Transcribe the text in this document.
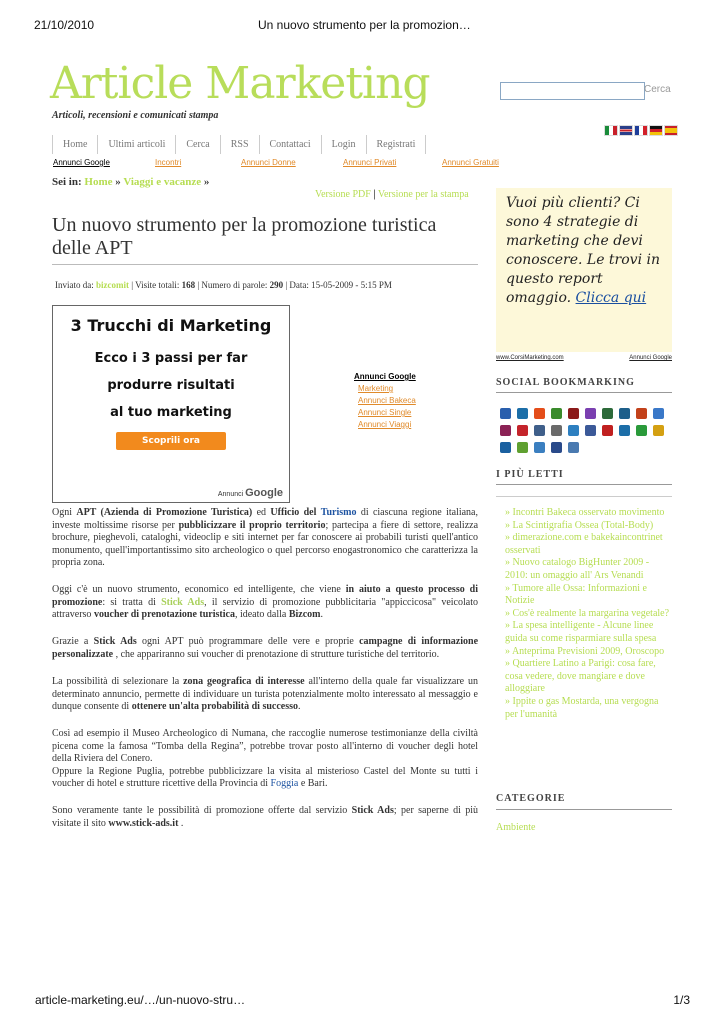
21/10/2010	Un nuovo strumento per la promozion…
Article Marketing
Articoli, recensioni e comunicati stampa
Cerca
Home	Ultimi articoli	Cerca	RSS	Contattaci	Login	Registrati
Annunci Google	Incontri	Annunci Donne	Annunci Privati	Annunci Gratuiti
Sei in: Home » Viaggi e vacanze »
Versione PDF | Versione per la stampa
Un nuovo strumento per la promozione turistica delle APT
Inviato da: bizcomit | Visite totali: 168 | Numero di parole: 290 | Data: 15-05-2009 - 5:15 PM
3 Trucchi di Marketing
Ecco i 3 passi per far
produrre risultati
al tuo marketing
Scoprili ora
Annunci Google
Annunci Google
Marketing
Annunci Bakeca
Annunci Single
Annunci Viaggi
Ogni APT (Azienda di Promozione Turistica) ed Ufficio del Turismo di ciascuna regione italiana, investe moltissime risorse per pubblicizzare il proprio territorio; partecipa a fiere di settore, realizza brochure, pieghevoli, cataloghi, videoclip e siti internet per far conoscere ai probabili turisti quell'antico monumento, quell'importantissimo sito archeologico o quel percorso enogastronomico che caratterizza la propria zona.
Oggi c'è un nuovo strumento, economico ed intelligente, che viene in aiuto a questo processo di promozione: si tratta di Stick Ads, il servizio di promozione pubblicitaria "appiccicosa" veicolato attraverso voucher di prenotazione turistica, ideato dalla Bizcom.
Grazie a Stick Ads ogni APT può programmare delle vere e proprie campagne di informazione personalizzate , che appariranno sui voucher di prenotazione di strutture turistiche del territorio.
La possibilità di selezionare la zona geografica di interesse all'interno della quale far visualizzare un determinato annuncio, permette di individuare un turista potenzialmente molto interessato al messaggio e dunque consente di ottenere un'alta probabilità di successo.
Così ad esempio il Museo Archeologico di Numana, che raccoglie numerose testimonianze della civiltà picena come la famosa “Tomba della Regina”, potrebbe trovar posto all'interno di voucher degli hotel della Riviera del Conero.
Oppure la Regione Puglia, potrebbe pubblicizzare la visita al misterioso Castel del Monte su tutti i voucher di hotel e strutture ricettive della Provincia di Foggia e Bari.
Sono veramente tante le possibilità di promozione offerte dal servizio Stick Ads; per saperne di più visitate il sito www.stick-ads.it .
Vuoi più clienti? Ci sono 4 strategie di marketing che devi conoscere. Le trovi in questo report omaggio. Clicca qui
www.CorsiMarketing.com	Annunci Google
SOCIAL BOOKMARKING
I PIÙ LETTI
» Incontri Bakeca osservato movimento
» La Scintigrafia Ossea (Total-Body)
» dimerazione.com e bakekaincontrinet osservati
» Nuovo catalogo BigHunter 2009 - 2010: un omaggio all' Ars Venandi
» Tumore alle Ossa: Informazioni e Notizie
» Cos'è realmente la margarina vegetale?
» La spesa intelligente - Alcune linee guida su come risparmiare sulla spesa
» Anteprima Previsioni 2009, Oroscopo
» Quartiere Latino a Parigi: cosa fare, cosa vedere, dove mangiare e dove alloggiare
» Ippite o gas Mostarda, una vergogna per l'umanità
CATEGORIE
Ambiente
article-marketing.eu/…/un-nuovo-stru…	1/3
